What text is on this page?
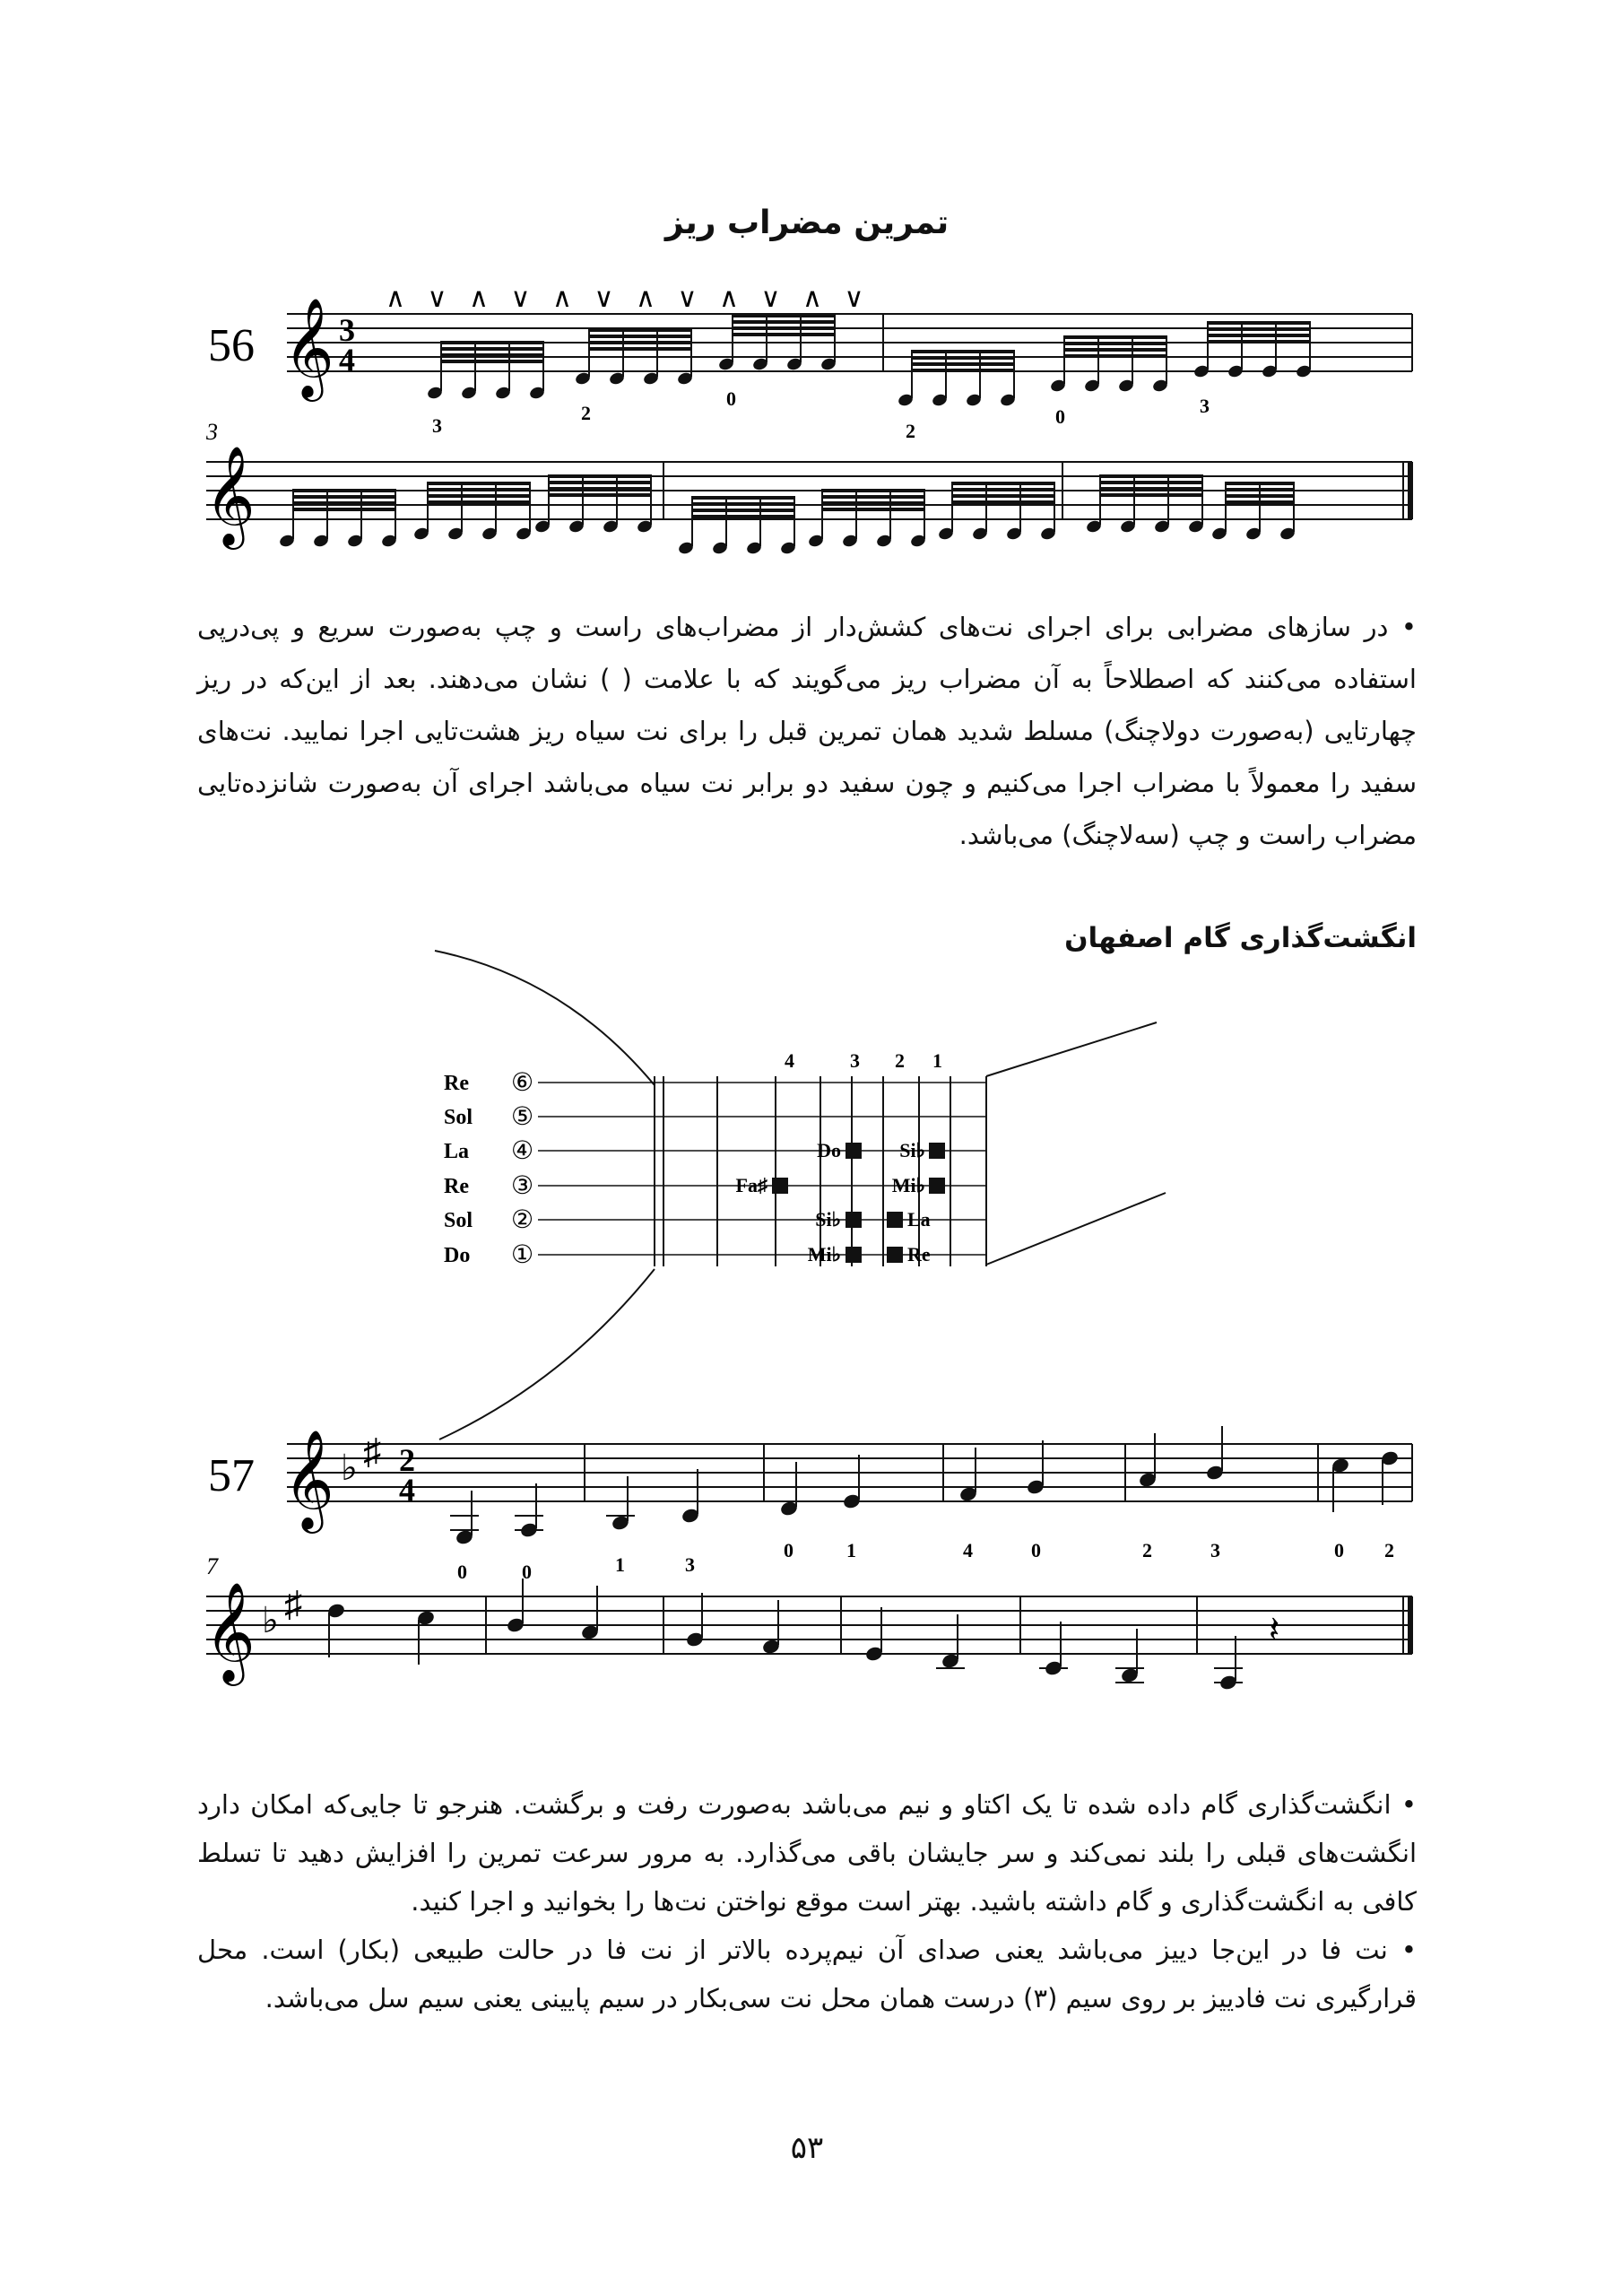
تمرین مضراب ریز
56
∧ ∨ ∧ ∨ ∧ ∨ ∧ ∨ ∧ ∨ ∧ ∨
𝄞 3
4
3
2
0
2
0	3
3
𝄞

• در سازهای مضرابی برای اجرای نت‌های کشش‌دار از مضراب‌های راست و چپ به‌صورت سریع و پی‌درپی استفاده می‌کنند که اصطلاحاً به آن مضراب ریز می‌گویند که با علامت ( ) نشان می‌دهند. بعد از این‌که در ریز چهارتایی (به‌صورت دولاچنگ) مسلط شدید همان تمرین قبل را برای نت سیاه ریز هشت‌تایی اجرا نمایید. نت‌های سفید را معمولاً با مضراب اجرا می‌کنیم و چون سفید دو برابر نت سیاه می‌باشد اجرای آن به‌صورت شانزده‌تایی مضراب راست و چپ (سه‌لاچنگ) می‌باشد.

انگشت‌گذاری گام اصفهان
Re ⑥
Sol ⑤
La ④
Re ③
Sol ②
Do ①
4	3 2 1
Do	Si♭
Fa♯	Mi♭
Si♭	La
Mi♭	Re
57 𝄞 ♭ ♯ 2
4
0	0	1	3
0	1	4	0	2	3	0 2
7
𝄞 ♭ ♯
𝄽

• انگشت‌گذاری گام داده شده تا یک اکتاو و نیم می‌باشد به‌صورت رفت و برگشت. هنرجو تا جایی‌که امکان دارد انگشت‌های قبلی را بلند نمی‌کند و سر جایشان باقی می‌گذارد. به مرور سرعت تمرین را افزایش دهید تا تسلط کافی به انگشت‌گذاری و گام داشته باشید. بهتر است موقع نواختن نت‌ها را بخوانید و اجرا کنید.

• نت فا در این‌جا دییز می‌باشد یعنی صدای آن نیم‌پرده بالاتر از نت فا در حالت طبیعی (بکار) است. محل قرارگیری نت فادییز بر روی سیم (۳) درست همان محل نت سی‌بکار در سیم پایینی یعنی سیم سل می‌باشد.

۵۳
